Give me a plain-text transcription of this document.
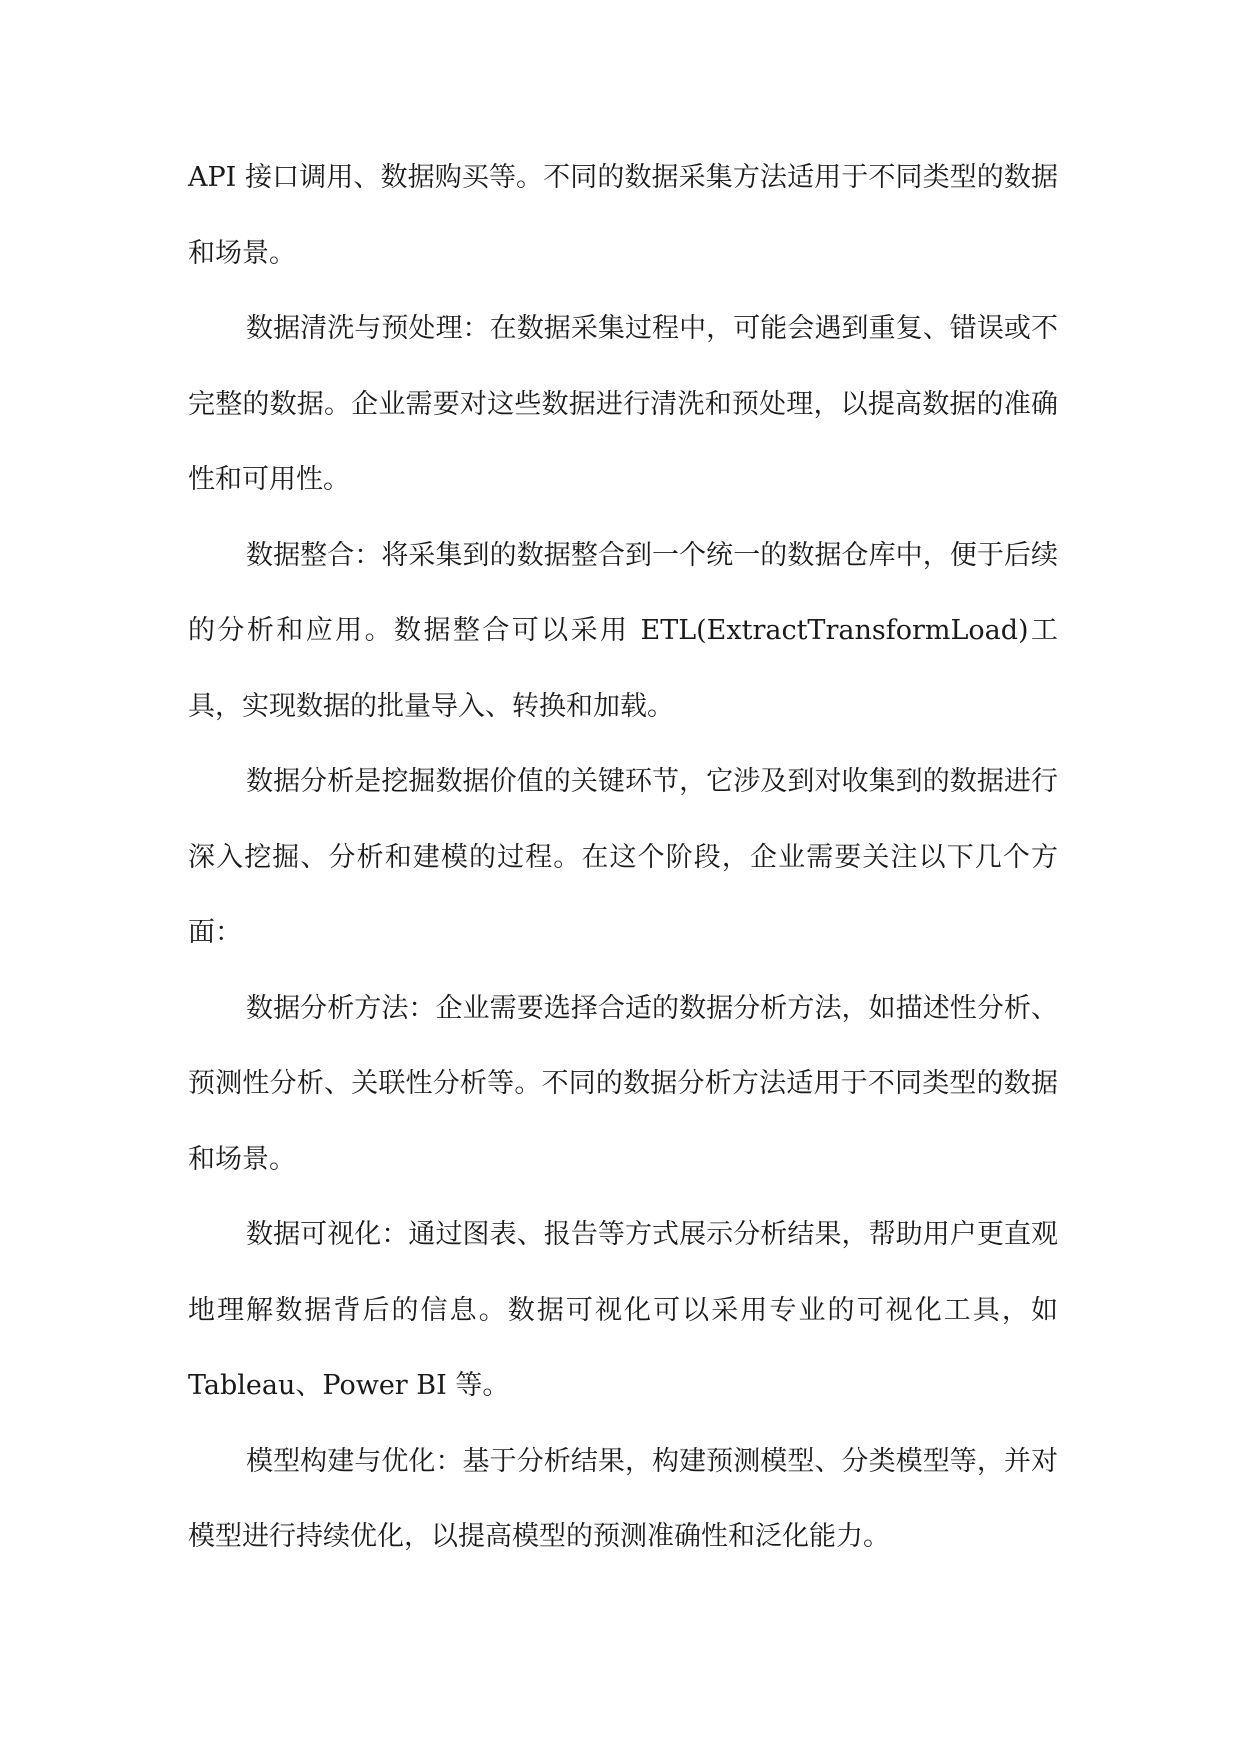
API 接口调用、数据购买等。不同的数据采集方法适用于不同类型的数据和场景。

数据清洗与预处理：在数据采集过程中，可能会遇到重复、错误或不完整的数据。企业需要对这些数据进行清洗和预处理，以提高数据的准确性和可用性。

数据整合：将采集到的数据整合到一个统一的数据仓库中，便于后续的分析和应用。数据整合可以采用 ETL(ExtractTransformLoad)工具，实现数据的批量导入、转换和加载。

数据分析是挖掘数据价值的关键环节，它涉及到对收集到的数据进行深入挖掘、分析和建模的过程。在这个阶段，企业需要关注以下几个方面：

数据分析方法：企业需要选择合适的数据分析方法，如描述性分析、预测性分析、关联性分析等。不同的数据分析方法适用于不同类型的数据和场景。

数据可视化：通过图表、报告等方式展示分析结果，帮助用户更直观地理解数据背后的信息。数据可视化可以采用专业的可视化工具，如 Tableau、Power BI 等。

模型构建与优化：基于分析结果，构建预测模型、分类模型等，并对模型进行持续优化，以提高模型的预测准确性和泛化能力。
